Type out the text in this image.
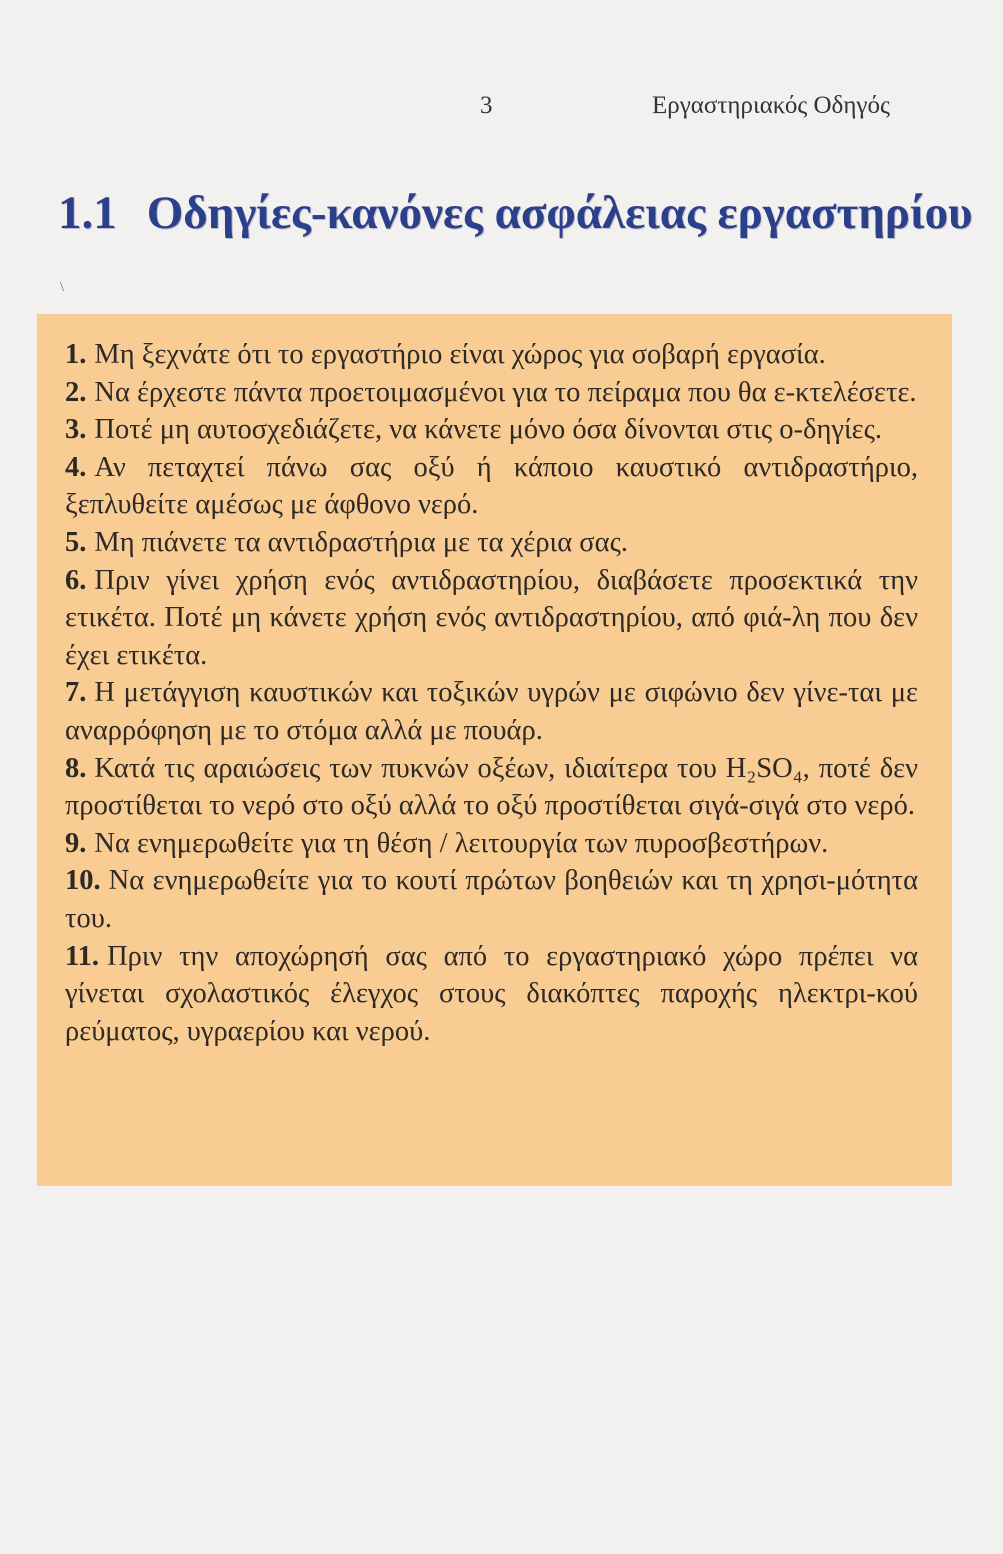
3	Εργαστηριακός Οδηγός
1.1 Οδηγίες-κανόνες ασφάλειας εργαστηρίου
\

1. Μη ξεχνάτε ότι το εργαστήριο είναι χώρος για σοβαρή εργασία.

2. Να έρχεστε πάντα προετοιμασμένοι για το πείραμα που θα ε-κτελέσετε.

3. Ποτέ μη αυτοσχεδιάζετε, να κάνετε μόνο όσα δίνονται στις ο-δηγίες.

4. Αν πεταχτεί πάνω σας οξύ ή κάποιο καυστικό αντιδραστήριο, ξεπλυθείτε αμέσως με άφθονο νερό.

5. Μη πιάνετε τα αντιδραστήρια με τα χέρια σας.

6. Πριν γίνει χρήση ενός αντιδραστηρίου, διαβάσετε προσεκτικά την ετικέτα. Ποτέ μη κάνετε χρήση ενός αντιδραστηρίου, από φιά-λη που δεν έχει ετικέτα.

7. Η μετάγγιση καυστικών και τοξικών υγρών με σιφώνιο δεν γίνε-ται με αναρρόφηση με το στόμα αλλά με πουάρ.

8. Κατά τις αραιώσεις των πυκνών οξέων, ιδιαίτερα του H₂SO₄, ποτέ δεν προστίθεται το νερό στο οξύ αλλά το οξύ προστίθεται σιγά-σιγά στο νερό.

9. Να ενημερωθείτε για τη θέση / λειτουργία των πυροσβεστήρων.

10. Να ενημερωθείτε για το κουτί πρώτων βοηθειών και τη χρησι-μότητα του.

11. Πριν την αποχώρησή σας από το εργαστηριακό χώρο πρέπει να γίνεται σχολαστικός έλεγχος στους διακόπτες παροχής ηλεκτρι-κού ρεύματος, υγραερίου και νερού.
